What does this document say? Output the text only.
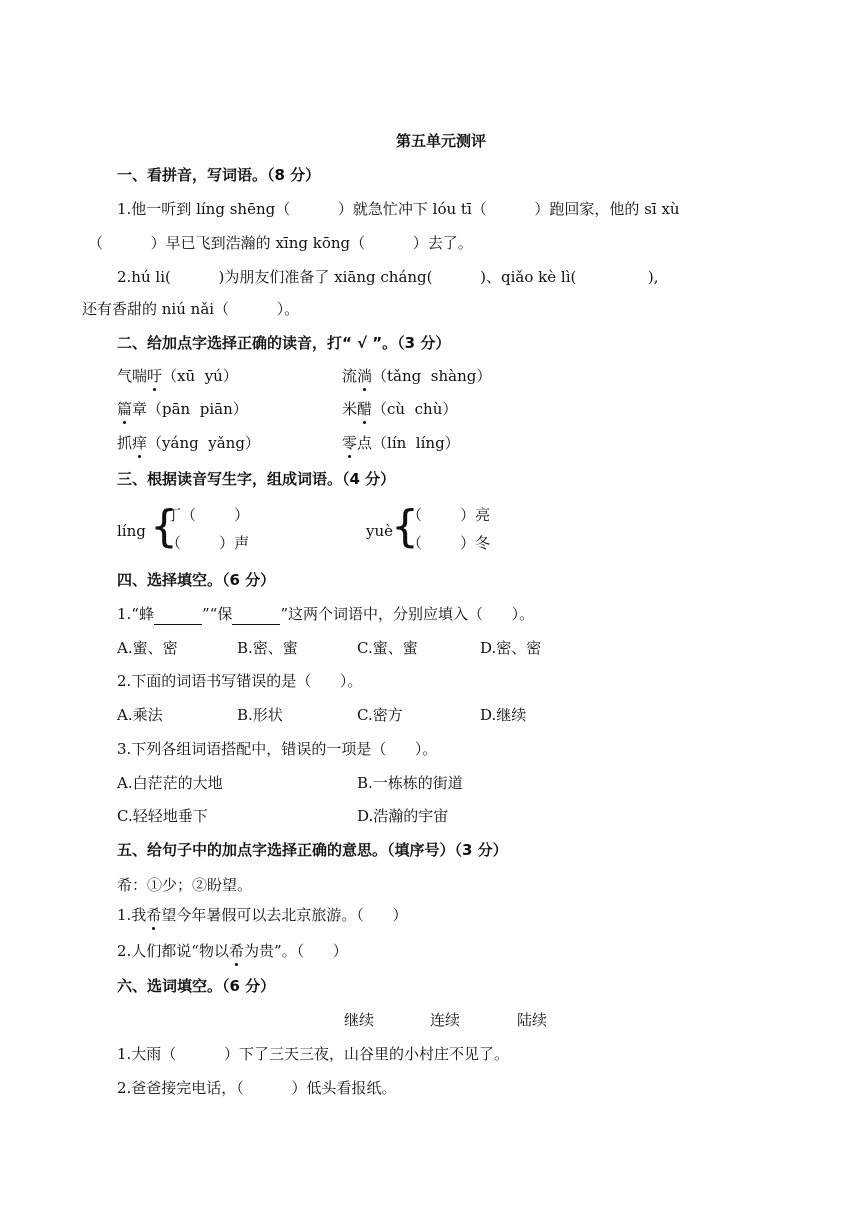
第五单元测评
一、看拼音，写词语。（8 分）
1.他一听到 líng shēng（          ）就急忙冲下 lóu tī（          ）跑回家，他的 sī xù
（          ）早已飞到浩瀚的 xīng kōng（          ）去了。
2.hú li(          )为朋友们准备了 xiāng cháng(          )、qiǎo kè lì(               ),
还有香甜的 niú nǎi（          ）。
二、给加点字选择正确的读音，打“ √ ”。（3 分）
气喘吁（xū  yú）	流淌（tǎng  shàng）
篇章（pān  piān）	米醋（cù  chù）
抓痒（yáng  yǎng）	零点（lín  líng）
三、根据读音写生字，组成词语。（4 分）
líng {
丁（        ）
（        ）声
yuè
{
（        ）亮
（        ）冬
四、选择填空。（6 分）
1.“蜂	”“保	”这两个词语中，分别应填入（      ）。
A.蜜、密	B.密、蜜	C.蜜、蜜	D.密、密
2.下面的词语书写错误的是（      ）。
A.乘法	B.形状	C.密方	D.继续
3.下列各组词语搭配中，错误的一项是（      ）。
A.白茫茫的大地	B.一栋栋的街道
C.轻轻地垂下	D.浩瀚的宇宙
五、给句子中的加点字选择正确的意思。（填序号）（3 分）
希：①少；②盼望。
1.我希望今年暑假可以去北京旅游。（      ）
2.人们都说“物以希为贵”。（      ）
六、选词填空。（6 分）
继续	连续	陆续
1.大雨（          ）下了三天三夜，山谷里的小村庄不见了。
2.爸爸接完电话，（          ）低头看报纸。
